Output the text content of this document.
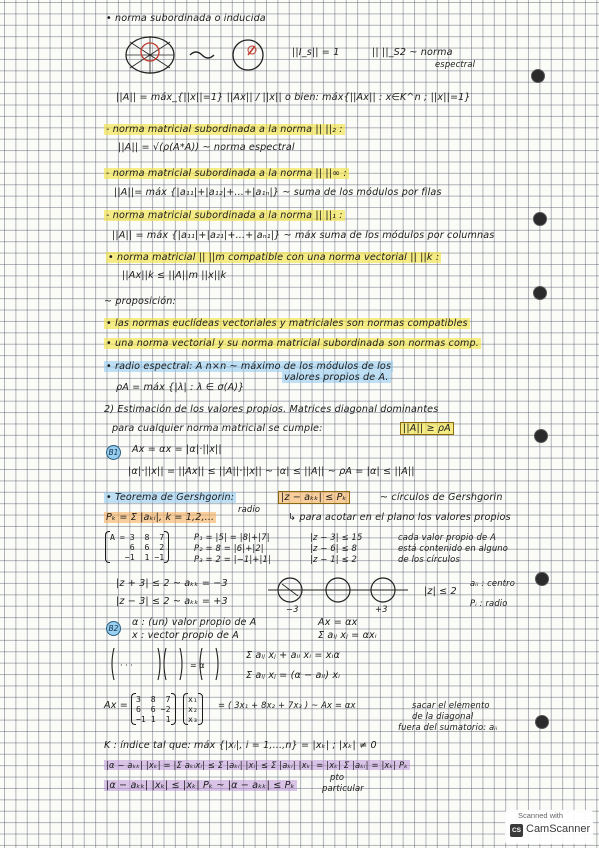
• norma subordinada o inducida
||I_s|| = 1	|| ||_S2 ~ norma
espectral
||A|| = máx_{||x||=1} ||Ax|| / ||x|| o bien: máx{||Ax|| : x∈K^n ; ||x||=1}
- norma matricial subordinada a la norma || ||₂ :
||A|| = √(ρ(A*A)) ~ norma espectral
- norma matricial subordinada a la norma || ||∞ :
||A||= máx {|a₁₁|+|a₁₂|+...+|a₁ₙ|} ~ suma de los módulos por filas
- norma matricial subordinada a la norma || ||₁ :
||A|| = máx {|a₁₁|+|a₂₁|+...+|aₙ₁|} ~ máx suma de los módulos por columnas
• norma matricial || ||m compatible con una norma vectorial || ||k :
||Ax||k ≤ ||A||m ||x||k
~ proposición:
• las normas euclídeas vectoriales y matriciales son normas compatibles
• una norma vectorial y su norma matricial subordinada son normas comp.
• radio espectral: A n×n ~ máximo de los módulos de los
valores propios de A.
ρA = máx {|λ| : λ ∈ σ(A)}
2) Estimación de los valores propios. Matrices diagonal dominantes
para cualquier norma matricial se cumple:	||A|| ≥ ρA
B1 Ax = αx = |α|·||x||
|α|·||x|| = ||Ax|| ≤ ||A||·||x|| ~ |α| ≤ ||A|| ~ ρA = |α| ≤ ||A||
• Teorema de Gershgorin:	|z − aₖₖ| ≤ Pₖ	~ círculos de Gershgorin
radio
Pₖ = Σ |aₖᵢ|, k = 1,2,...	↳ para acotar en el plano los valores propios
A = 3  8  7
6  6  2
−1  1 −1
P₁ = |5| = |8|+|7|
P₂ = 8 = |6|+|2|
P₃ = 2 = |−1|+|1|
|z − 3| ≤ 15
|z − 6| ≤ 8
|z − 1| ≤ 2
cada valor propio de A
está contenido en alguno
de los círculos
|z + 3| ≤ 2 ~ aₖₖ = −3
|z − 3| ≤ 2 ~ aₖₖ = +3
−3	+3
|z| ≤ 2
aᵢᵢ : centro
Pᵢ : radio
B2
α : (un) valor propio de A
x : vector propio de A
Ax = αx
Σ aᵢⱼ xⱼ = αxᵢ
· · ·	= α
Σ aᵢⱼ xⱼ + aᵢᵢ xᵢ = xᵢα
Σ aᵢⱼ xⱼ = (α − aᵢᵢ) xᵢ
Ax =
3  8  7
6  6 −2
−1 1  1
x₁
x₂
x₃
= ( 3x₁ + 8x₂ + 7x₃ ) ~ Ax = αx	sacar el elemento
de la diagonal
fuera del sumatorio: aᵢᵢ
K : índice tal que: máx {|xᵢ|, i = 1,...,n} = |xₖ| ; |xₖ| ≠ 0
|α − aₖₖ| |xₖ| = |Σ aₖᵢxᵢ| ≤ Σ |aₖᵢ| |xᵢ| ≤ Σ |aₖᵢ| |xₖ| = |xₖ| Σ |aₖᵢ| = |xₖ| Pₖ
|α − aₖₖ| |xₖ| ≤ |xₖ| Pₖ ~ |α − aₖₖ| ≤ Pₖ
pto
particular
Scanned with
CS CamScanner
